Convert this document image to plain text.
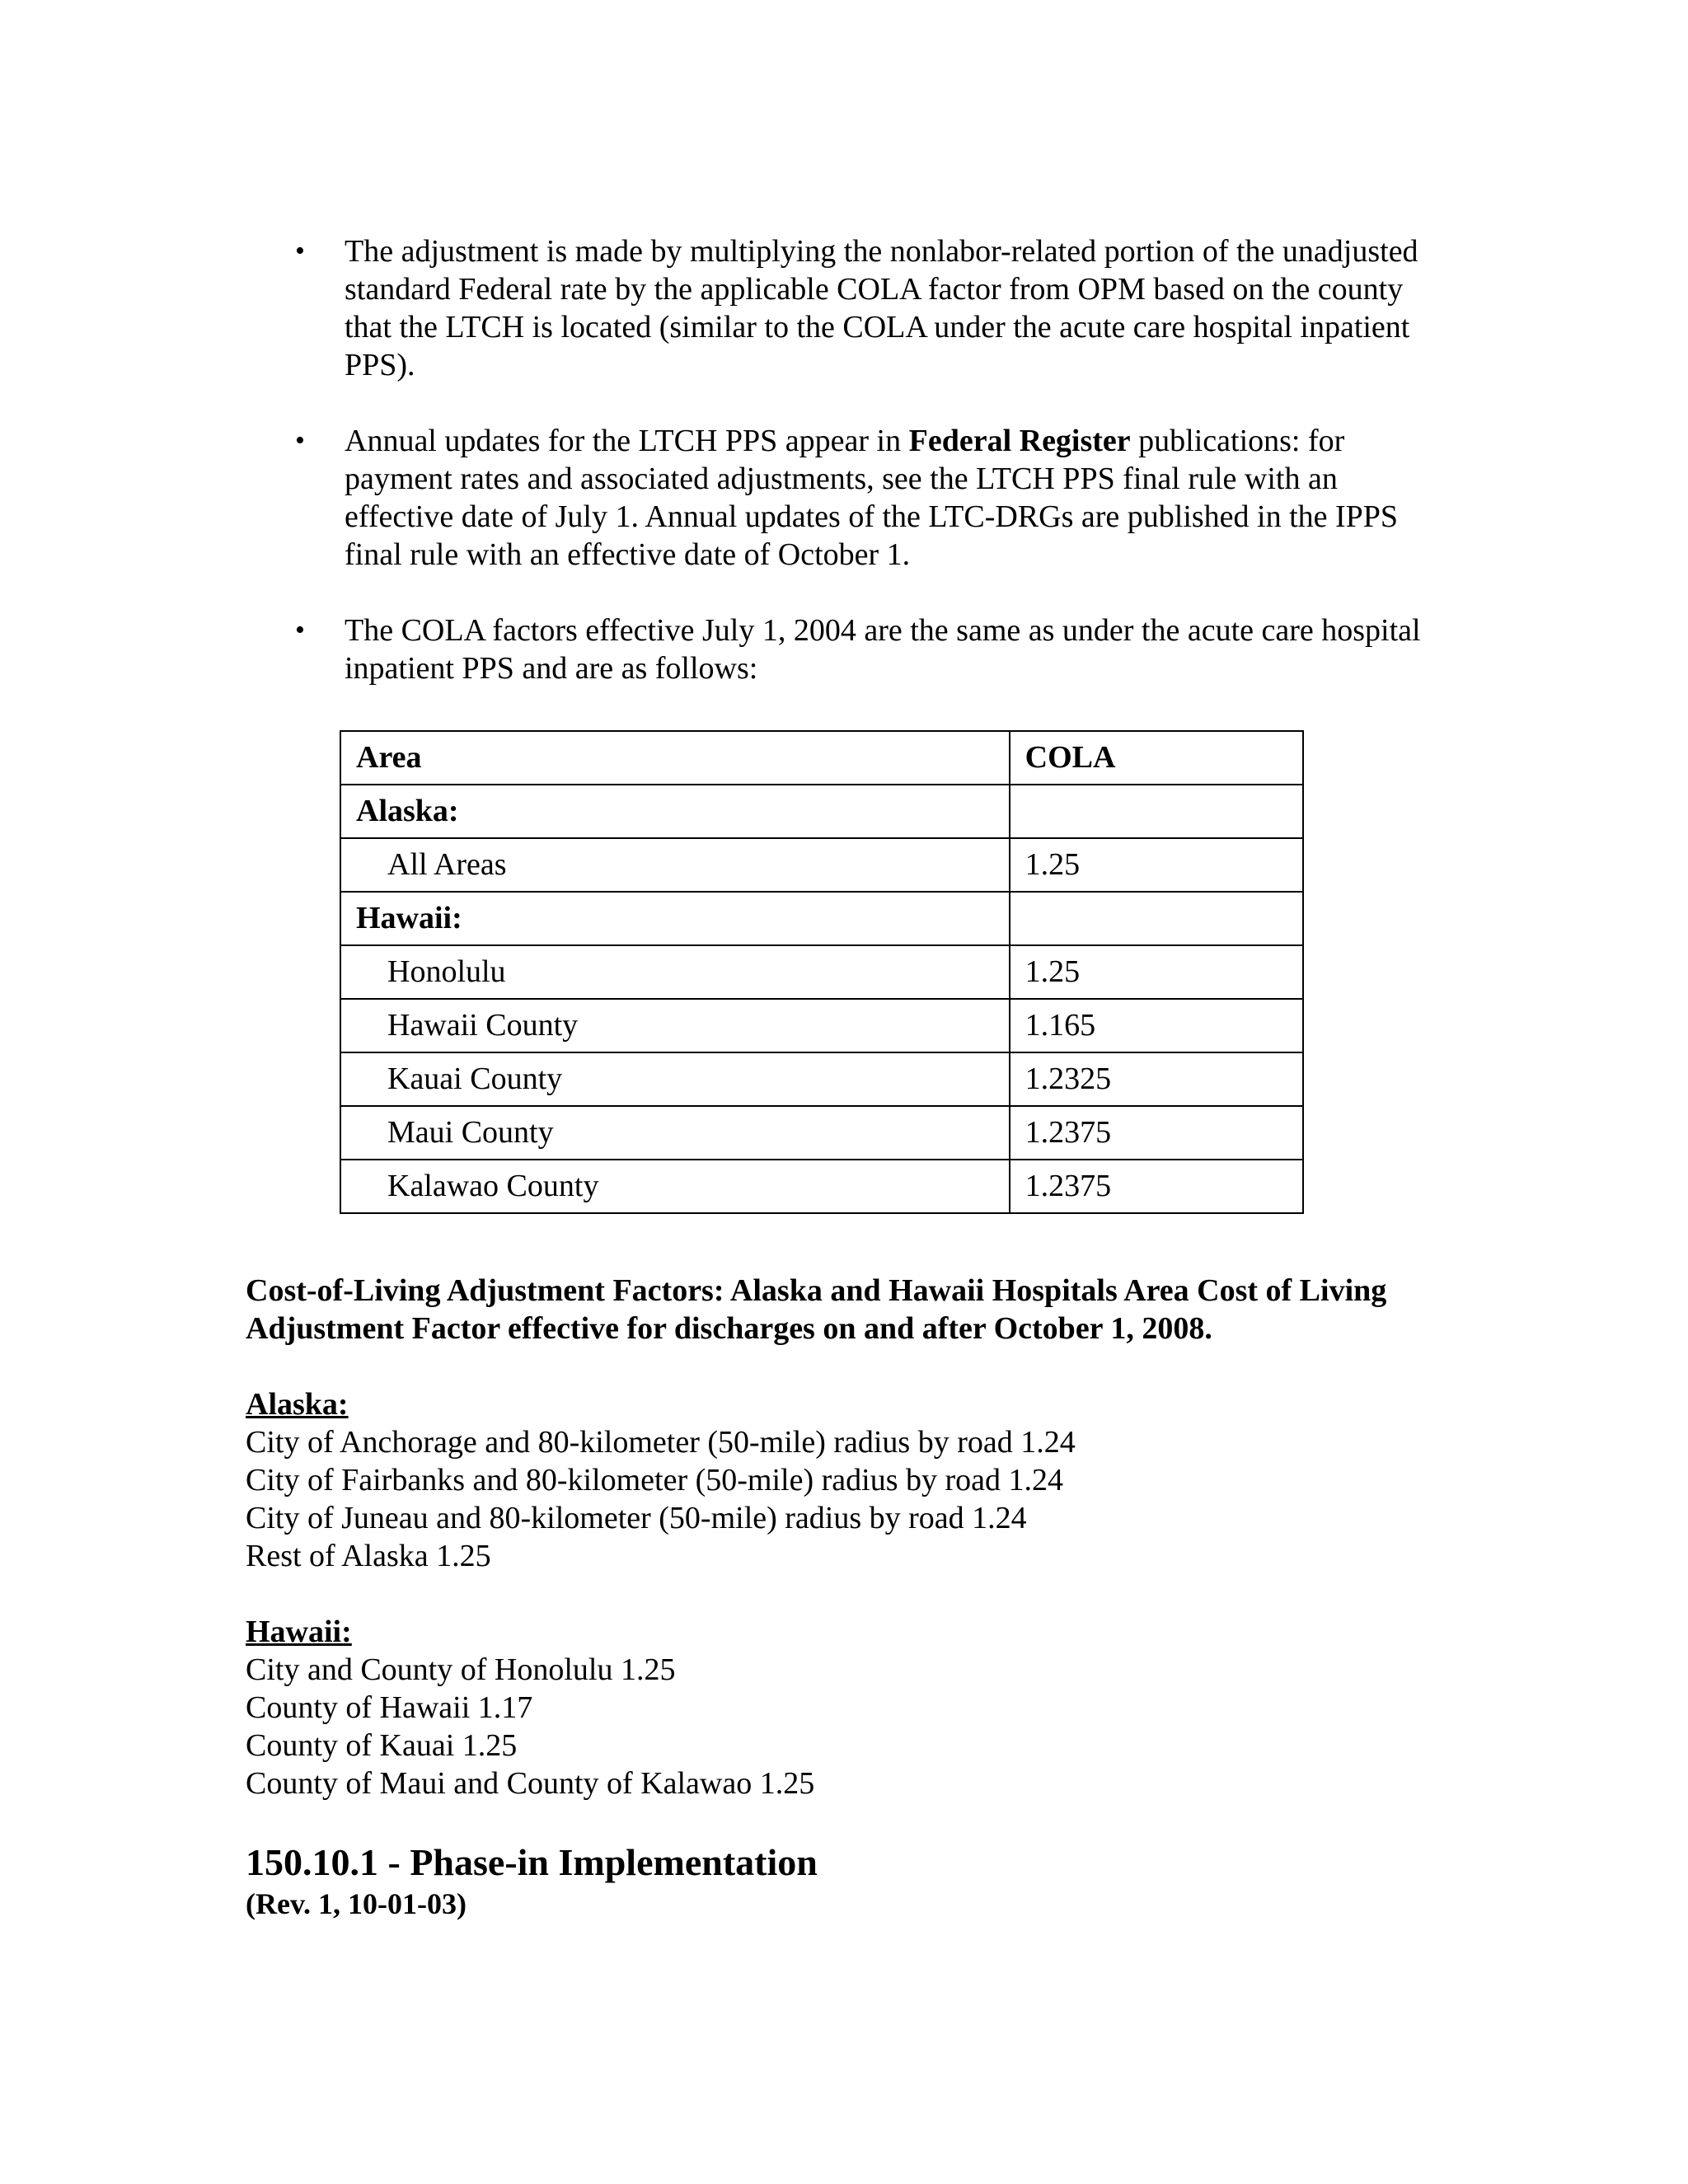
• The adjustment is made by multiplying the nonlabor-related portion of the unadjusted standard Federal rate by the applicable COLA factor from OPM based on the county that the LTCH is located (similar to the COLA under the acute care hospital inpatient PPS).
• Annual updates for the LTCH PPS appear in Federal Register publications: for payment rates and associated adjustments, see the LTCH PPS final rule with an effective date of July 1. Annual updates of the LTC-DRGs are published in the IPPS final rule with an effective date of October 1.
• The COLA factors effective July 1, 2004 are the same as under the acute care hospital inpatient PPS and are as follows:
Area	COLA
Alaska:	
All Areas	1.25
Hawaii:	
Honolulu	1.25
Hawaii County	1.165
Kauai County	1.2325
Maui County	1.2375
Kalawao County	1.2375
Cost-of-Living Adjustment Factors: Alaska and Hawaii Hospitals Area Cost of Living Adjustment Factor effective for discharges on and after October 1, 2008.
Alaska:
City of Anchorage and 80-kilometer (50-mile) radius by road 1.24
City of Fairbanks and 80-kilometer (50-mile) radius by road 1.24
City of Juneau and 80-kilometer (50-mile) radius by road 1.24
Rest of Alaska 1.25
Hawaii:
City and County of Honolulu 1.25
County of Hawaii 1.17
County of Kauai 1.25
County of Maui and County of Kalawao 1.25
150.10.1 - Phase-in Implementation
(Rev. 1, 10-01-03)
